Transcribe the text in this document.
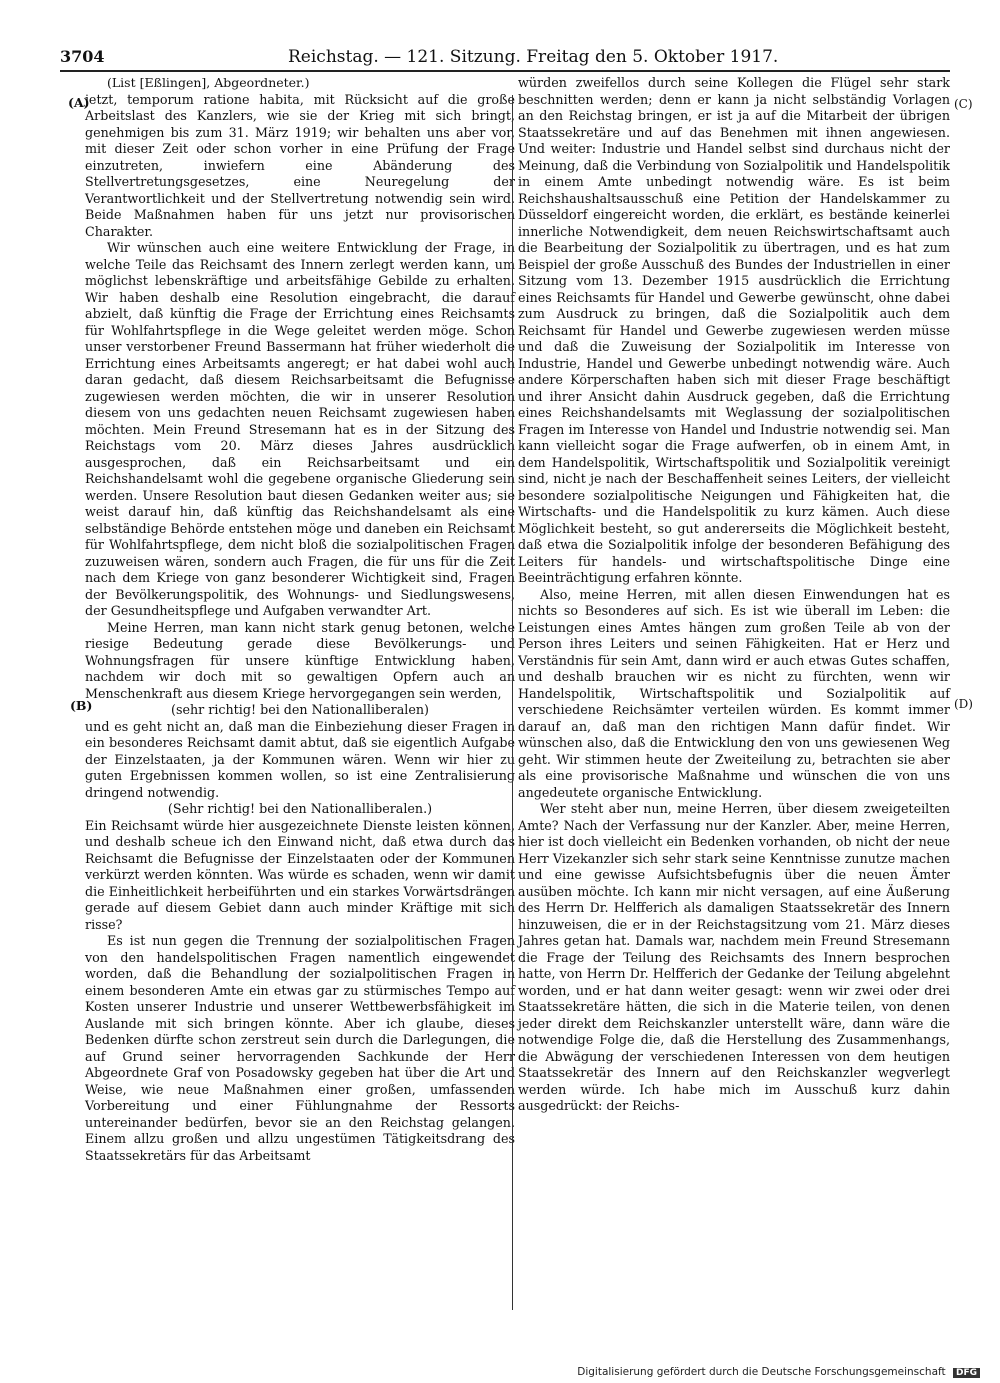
3704	Reichstag. — 121. Sitzung. Freitag den 5. Oktober 1917.
(A)
(B)
(C)
(D)

(List [Eßlingen], Abgeordneter.)

jetzt, temporum ratione habita, mit Rücksicht auf die große Arbeitslast des Kanzlers, wie sie der Krieg mit sich bringt, genehmigen bis zum 31. März 1919; wir behalten uns aber vor, mit dieser Zeit oder schon vorher in eine Prüfung der Frage einzutreten, inwiefern eine Abänderung des Stellvertretungsgesetzes, eine Neuregelung der Verantwortlichkeit und der Stellvertretung notwendig sein wird. Beide Maßnahmen haben für uns jetzt nur provisorischen Charakter.

Wir wünschen auch eine weitere Entwicklung der Frage, in welche Teile das Reichsamt des Innern zerlegt werden kann, um möglichst lebenskräftige und arbeitsfähige Gebilde zu erhalten. Wir haben deshalb eine Resolution eingebracht, die darauf abzielt, daß künftig die Frage der Errichtung eines Reichsamts für Wohlfahrtspflege in die Wege geleitet werden möge. Schon unser verstorbener Freund Bassermann hat früher wiederholt die Errichtung eines Arbeitsamts angeregt; er hat dabei wohl auch daran gedacht, daß diesem Reichsarbeitsamt die Befugnisse zugewiesen werden möchten, die wir in unserer Resolution diesem von uns gedachten neuen Reichsamt zugewiesen haben möchten. Mein Freund Stresemann hat es in der Sitzung des Reichstags vom 20. März dieses Jahres ausdrücklich ausgesprochen, daß ein Reichsarbeitsamt und ein Reichshandelsamt wohl die gegebene organische Gliederung sein werden. Unsere Resolution baut diesen Gedanken weiter aus; sie weist darauf hin, daß künftig das Reichshandelsamt als eine selbständige Behörde entstehen möge und daneben ein Reichsamt für Wohlfahrtspflege, dem nicht bloß die sozialpolitischen Fragen zuzuweisen wären, sondern auch Fragen, die für uns für die Zeit nach dem Kriege von ganz besonderer Wichtigkeit sind, Fragen der Bevölkerungspolitik, des Wohnungs- und Siedlungswesens, der Gesundheitspflege und Aufgaben verwandter Art.

Meine Herren, man kann nicht stark genug betonen, welche riesige Bedeutung gerade diese Bevölkerungs- und Wohnungsfragen für unsere künftige Entwicklung haben, nachdem wir doch mit so gewaltigen Opfern auch an Menschenkraft aus diesem Kriege hervorgegangen sein werden,

(sehr richtig! bei den Nationalliberalen)

und es geht nicht an, daß man die Einbeziehung dieser Fragen in ein besonderes Reichsamt damit abtut, daß sie eigentlich Aufgabe der Einzelstaaten, ja der Kommunen wären. Wenn wir hier zu guten Ergebnissen kommen wollen, so ist eine Zentralisierung dringend notwendig.

(Sehr richtig! bei den Nationalliberalen.)

Ein Reichsamt würde hier ausgezeichnete Dienste leisten können, und deshalb scheue ich den Einwand nicht, daß etwa durch das Reichsamt die Befugnisse der Einzelstaaten oder der Kommunen verkürzt werden könnten. Was würde es schaden, wenn wir damit die Einheitlichkeit herbeiführten und ein starkes Vorwärtsdrängen gerade auf diesem Gebiet dann auch minder Kräftige mit sich risse?

Es ist nun gegen die Trennung der sozialpolitischen Fragen von den handelspolitischen Fragen namentlich eingewendet worden, daß die Behandlung der sozialpolitischen Fragen in einem besonderen Amte ein etwas gar zu stürmisches Tempo auf Kosten unserer Industrie und unserer Wettbewerbsfähigkeit im Auslande mit sich bringen könnte. Aber ich glaube, dieses Bedenken dürfte schon zerstreut sein durch die Darlegungen, die auf Grund seiner hervorragenden Sachkunde der Herr Abgeordnete Graf von Posadowsky gegeben hat über die Art und Weise, wie neue Maßnahmen einer großen, umfassenden Vorbereitung und einer Fühlungnahme der Ressorts untereinander bedürfen, bevor sie an den Reichstag gelangen. Einem allzu großen und allzu ungestümen Tätigkeitsdrang des Staatssekretärs für das Arbeitsamt

würden zweifellos durch seine Kollegen die Flügel sehr stark beschnitten werden; denn er kann ja nicht selbständig Vorlagen an den Reichstag bringen, er ist ja auf die Mitarbeit der übrigen Staatssekretäre und auf das Benehmen mit ihnen angewiesen. Und weiter: Industrie und Handel selbst sind durchaus nicht der Meinung, daß die Verbindung von Sozialpolitik und Handelspolitik in einem Amte unbedingt notwendig wäre. Es ist beim Reichshaushaltsausschuß eine Petition der Handelskammer zu Düsseldorf eingereicht worden, die erklärt, es bestände keinerlei innerliche Notwendigkeit, dem neuen Reichswirtschaftsamt auch die Bearbeitung der Sozialpolitik zu übertragen, und es hat zum Beispiel der große Ausschuß des Bundes der Industriellen in einer Sitzung vom 13. Dezember 1915 ausdrücklich die Errichtung eines Reichsamts für Handel und Gewerbe gewünscht, ohne dabei zum Ausdruck zu bringen, daß die Sozialpolitik auch dem Reichsamt für Handel und Gewerbe zugewiesen werden müsse und daß die Zuweisung der Sozialpolitik im Interesse von Industrie, Handel und Gewerbe unbedingt notwendig wäre. Auch andere Körperschaften haben sich mit dieser Frage beschäftigt und ihrer Ansicht dahin Ausdruck gegeben, daß die Errichtung eines Reichshandelsamts mit Weglassung der sozialpolitischen Fragen im Interesse von Handel und Industrie notwendig sei. Man kann vielleicht sogar die Frage aufwerfen, ob in einem Amt, in dem Handelspolitik, Wirtschaftspolitik und Sozialpolitik vereinigt sind, nicht je nach der Beschaffenheit seines Leiters, der vielleicht besondere sozialpolitische Neigungen und Fähigkeiten hat, die Wirtschafts- und die Handelspolitik zu kurz kämen. Auch diese Möglichkeit besteht, so gut andererseits die Möglichkeit besteht, daß etwa die Sozialpolitik infolge der besonderen Befähigung des Leiters für handels- und wirtschaftspolitische Dinge eine Beeinträchtigung erfahren könnte.

Also, meine Herren, mit allen diesen Einwendungen hat es nichts so Besonderes auf sich. Es ist wie überall im Leben: die Leistungen eines Amtes hängen zum großen Teile ab von der Person ihres Leiters und seinen Fähigkeiten. Hat er Herz und Verständnis für sein Amt, dann wird er auch etwas Gutes schaffen, und deshalb brauchen wir es nicht zu fürchten, wenn wir Handelspolitik, Wirtschaftspolitik und Sozialpolitik auf verschiedene Reichsämter verteilen würden. Es kommt immer darauf an, daß man den richtigen Mann dafür findet. Wir wünschen also, daß die Entwicklung den von uns gewiesenen Weg geht. Wir stimmen heute der Zweiteilung zu, betrachten sie aber als eine provisorische Maßnahme und wünschen die von uns angedeutete organische Entwicklung.

Wer steht aber nun, meine Herren, über diesem zweigeteilten Amte? Nach der Verfassung nur der Kanzler. Aber, meine Herren, hier ist doch vielleicht ein Bedenken vorhanden, ob nicht der neue Herr Vizekanzler sich sehr stark seine Kenntnisse zunutze machen und eine gewisse Aufsichtsbefugnis über die neuen Ämter ausüben möchte. Ich kann mir nicht versagen, auf eine Äußerung des Herrn Dr. Helfferich als damaligen Staatssekretär des Innern hinzuweisen, die er in der Reichstagsitzung vom 21. März dieses Jahres getan hat. Damals war, nachdem mein Freund Stresemann die Frage der Teilung des Reichsamts des Innern besprochen hatte, von Herrn Dr. Helfferich der Gedanke der Teilung abgelehnt worden, und er hat dann weiter gesagt: wenn wir zwei oder drei Staatssekretäre hätten, die sich in die Materie teilen, von denen jeder direkt dem Reichskanzler unterstellt wäre, dann wäre die notwendige Folge die, daß die Herstellung des Zusammenhangs, die Abwägung der verschiedenen Interessen von dem heutigen Staatssekretär des Innern auf den Reichskanzler wegverlegt werden würde. Ich habe mich im Ausschuß kurz dahin ausgedrückt: der Reichs-

Digitalisierung gefördert durch die Deutsche Forschungsgemeinschaft DFG
